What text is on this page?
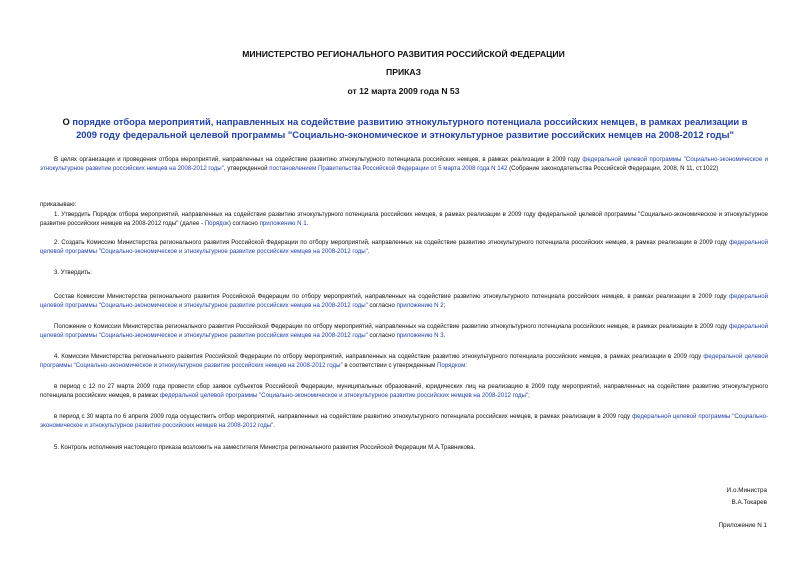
МИНИСТЕРСТВО РЕГИОНАЛЬНОГО РАЗВИТИЯ РОССИЙСКОЙ ФЕДЕРАЦИИ
ПРИКАЗ
от 12 марта 2009 года N 53
О порядке отбора мероприятий, направленных на содействие развитию этнокультурного потенциала российских немцев, в рамках реализации в 2009 году федеральной целевой программы "Социально-экономическое и этнокультурное развитие российских немцев на 2008-2012 годы"

В целях организации и проведения отбора мероприятий, направленных на содействие развитию этнокультурного потенциала российских немцев, в рамках реализации в 2009 году федеральной целевой программы "Социально-экономическое и этнокультурное развитие российских немцев на 2008-2012 годы", утвержденной постановлением Правительства Российской Федерации от 5 марта 2008 года N 142 (Собрание законодательства Российской Федерации, 2008, N 11, ст.1022)

приказываю:

1. Утвердить Порядок отбора мероприятий, направленных на содействие развитию этнокультурного потенциала российских немцев, в рамках реализации в 2009 году федеральной целевой программы "Социально-экономическое и этнокультурное развитие российских немцев на 2008-2012 годы" (далее - Порядок) согласно приложению N 1.

2. Создать Комиссию Министерства регионального развития Российской Федерации по отбору мероприятий, направленных на содействие развитию этнокультурного потенциала российских немцев, в рамках реализации в 2009 году федеральной целевой программы "Социально-экономическое и этнокультурное развитие российских немцев на 2008-2012 годы".

3. Утвердить:

Состав Комиссии Министерства регионального развития Российской Федерации по отбору мероприятий, направленных на содействие развитию этнокультурного потенциала российских немцев, в рамках реализации в 2009 году федеральной целевой программы "Социально-экономическое и этнокультурное развитие российских немцев на 2008-2012 годы" согласно приложению N 2;

Положение о Комиссии Министерства регионального развития Российской Федерации по отбору мероприятий, направленных на содействие развитию этнокультурного потенциала российских немцев, в рамках реализации в 2009 году федеральной целевой программы "Социально-экономическое и этнокультурное развитие российских немцев на 2008-2012 годы" согласно приложению N 3.

4. Комиссии Министерства регионального развития Российской Федерации по отбору мероприятий, направленных на содействие развитию этнокультурного потенциала российских немцев, в рамках реализации в 2009 году федеральной целевой программы "Социально-экономическое и этнокультурное развитие российских немцев на 2008-2012 годы" в соответствии с утвержденным Порядком:

в период с 12 по 27 марта 2009 года провести сбор заявок субъектов Российской Федерации, муниципальных образований, юридических лиц на реализацию в 2009 году мероприятий, направленных на содействие развитию этнокультурного потенциала российских немцев, в рамках федеральной целевой программы "Социально-экономическое и этнокультурное развитие российских немцев на 2008-2012 годы";

в период с 30 марта по 6 апреля 2009 года осуществить отбор мероприятий, направленных на содействие развитию этнокультурного потенциала российских немцев, в рамках реализации в 2009 году федеральной целевой программы "Социально-экономическое и этнокультурное развитие российских немцев на 2008-2012 годы".

5. Контроль исполнения настоящего приказа возложить на заместителя Министра регионального развития Российской Федерации М.А.Травникова.

И.о.Министра
В.А.Токарев
Приложение N 1
